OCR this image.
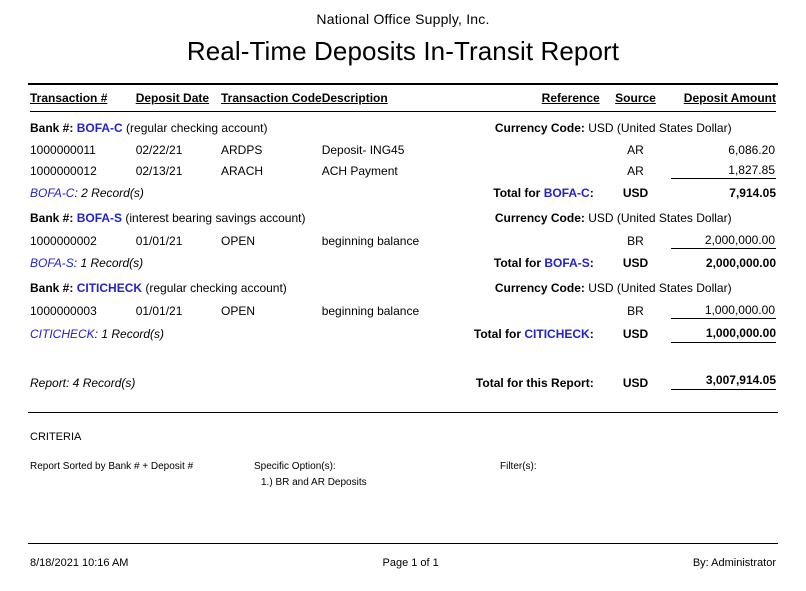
National Office Supply, Inc.
Real-Time Deposits In-Transit Report
Transaction #	Deposit Date	Transaction Code	Description	Reference	Source	Deposit Amount

Bank #: BOFA-C (regular checking account)				Currency Code: USD (United States Dollar)		
1000000011	02/22/21	ARDPS	Deposit- ING45		AR	6,086.20
1000000012	02/13/21	ARACH	ACH Payment		AR	1,827.85
BOFA-C: 2 Record(s)			Total for BOFA-C:		USD	7,914.05
Bank #: BOFA-S (interest bearing savings account)				Currency Code: USD (United States Dollar)		
1000000002	01/01/21	OPEN	beginning balance		BR	2,000,000.00
BOFA-S: 1 Record(s)			Total for BOFA-S:		USD	2,000,000.00
Bank #: CITICHECK (regular checking account)				Currency Code: USD (United States Dollar)		
1000000003	01/01/21	OPEN	beginning balance		BR	1,000,000.00
CITICHECK: 1 Record(s)			Total for CITICHECK:		USD	1,000,000.00
Report: 4 Record(s)			Total for this Report:		USD	3,007,914.05
CRITERIA
Report Sorted by Bank # + Deposit #	Specific Option(s):
1.) BR and AR Deposits
Filter(s):
8/18/2021 10:16 AM	Page 1 of 1	By: Administrator
